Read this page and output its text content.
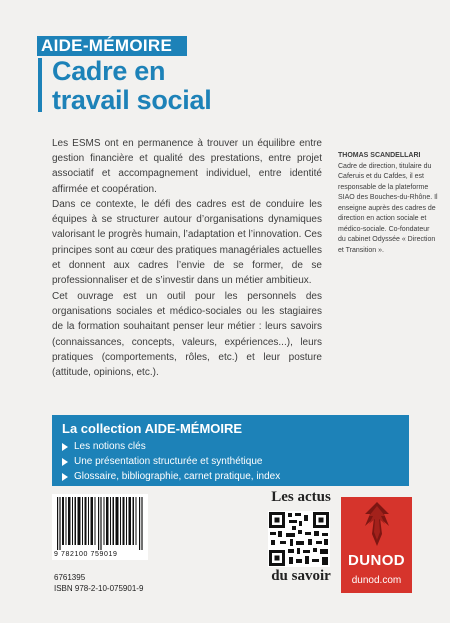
AIDE-MÉMOIRE
Cadre en
travail social

Les ESMS ont en permanence à trouver un équilibre entre gestion financière et qualité des prestations, entre projet associatif et accompagnement individuel, entre identité affirmée et coopération.

Dans ce contexte, le défi des cadres est de conduire les équipes à se structurer autour d’organisations dynamiques valorisant le progrès humain, l’adaptation et l’innovation. Ces principes sont au cœur des pratiques managériales actuelles et donnent aux cadres l’envie de se former, de se professionnaliser et de s’investir dans un métier ambitieux.

Cet ouvrage est un outil pour les personnels des organisations sociales et médico-sociales ou les stagiaires de la formation souhaitant penser leur métier : leurs savoirs (connaissances, concepts, valeurs, expériences...), leurs pratiques (comportements, rôles, etc.) et leur posture (attitude, opinions, etc.).

THOMAS SCANDELLARI
Cadre de direction, titulaire du Caferuis et du Cafdes, il est responsable de la plateforme SIAO des Bouches-du-Rhône. Il enseigne auprès des cadres de direction en action sociale et médico-sociale. Co-fondateur du cabinet Odyssée « Direction et Transition ».
La collection AIDE-MÉMOIRE
Les notions clés
Une présentation structurée et synthétique
Glossaire, bibliographie, carnet pratique, index
9 782100 759019
6761395
ISBN 978-2-10-075901-9
Les actus
du savoir
DUNOD
dunod.com
